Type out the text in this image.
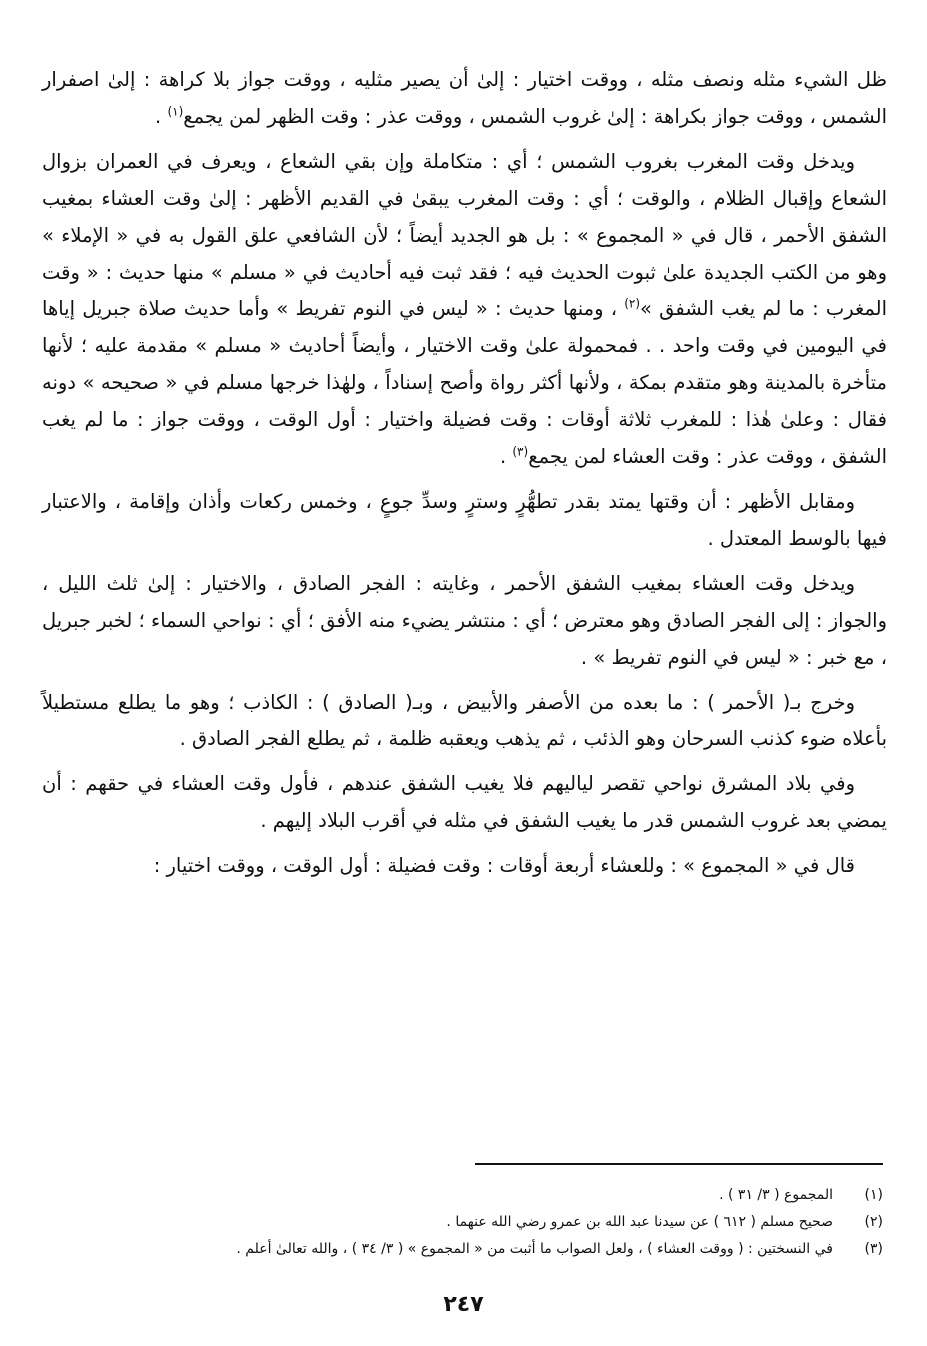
ظل الشيء مثله ونصف مثله ، ووقت اختيار : إلىٰ أن يصير مثليه ، ووقت جواز بلا كراهة : إلىٰ اصفرار الشمس ، ووقت جواز بكراهة : إلىٰ غروب الشمس ، ووقت عذر : وقت الظهر لمن يجمع$^{(١)}$ .

ويدخل وقت المغرب بغروب الشمس ؛ أي : متكاملة وإن بقي الشعاع ، ويعرف في العمران بزوال الشعاع وإقبال الظلام ، والوقت ؛ أي : وقت المغرب يبقىٰ في القديم الأظهر : إلىٰ وقت العشاء بمغيب الشفق الأحمر ، قال في « المجموع » : بل هو الجديد أيضاً ؛ لأن الشافعي علق القول به في « الإملاء » وهو من الكتب الجديدة علىٰ ثبوت الحديث فيه ؛ فقد ثبت فيه أحاديث في « مسلم » منها حديث : « وقت المغرب : ما لم يغب الشفق »$^{(٢)}$ ، ومنها حديث : « ليس في النوم تفريط » وأما حديث صلاة جبريل إياها في اليومين في وقت واحد . . فمحمولة علىٰ وقت الاختيار ، وأيضاً أحاديث « مسلم » مقدمة عليه ؛ لأنها متأخرة بالمدينة وهو متقدم بمكة ، ولأنها أكثر رواة وأصح إسناداً ، ولهٰذا خرجها مسلم في « صحيحه » دونه فقال : وعلىٰ هٰذا : للمغرب ثلاثة أوقات : وقت فضيلة واختيار : أول الوقت ، ووقت جواز : ما لم يغب الشفق ، ووقت عذر : وقت العشاء لمن يجمع$^{(٣)}$ .

ومقابل الأظهر : أن وقتها يمتد بقدر تطهُّرٍ وسترٍ وسدِّ جوعٍ ، وخمس ركعات وأذان وإقامة ، والاعتبار فيها بالوسط المعتدل .

ويدخل وقت العشاء بمغيب الشفق الأحمر ، وغايته : الفجر الصادق ، والاختيار : إلىٰ ثلث الليل ، والجواز : إلى الفجر الصادق وهو معترض ؛ أي : منتشر يضيء منه الأفق ؛ أي : نواحي السماء ؛ لخبر جبريل ، مع خبر : « ليس في النوم تفريط » .

وخرج بـ( الأحمر ) : ما بعده من الأصفر والأبيض ، وبـ( الصادق ) : الكاذب ؛ وهو ما يطلع مستطيلاً بأعلاه ضوء كذنب السرحان وهو الذئب ، ثم يذهب ويعقبه ظلمة ، ثم يطلع الفجر الصادق .

وفي بلاد المشرق نواحي تقصر لياليهم فلا يغيب الشفق عندهم ، فأول وقت العشاء في حقهم : أن يمضي بعد غروب الشمس قدر ما يغيب الشفق في مثله في أقرب البلاد إليهم .

قال في « المجموع » : وللعشاء أربعة أوقات : وقت فضيلة : أول الوقت ، ووقت اختيار :

(١)
المجموع ( ٣/ ٣١ ) .
(٢)
صحيح مسلم ( ٦١٢ ) عن سيدنا عبد الله بن عمرو رضي الله عنهما .
(٣)
في النسختين : ( ووقت العشاء ) ، ولعل الصواب ما أثبت من « المجموع » ( ٣/ ٣٤ ) ، والله تعالىٰ أعلم .
٢٤٧
